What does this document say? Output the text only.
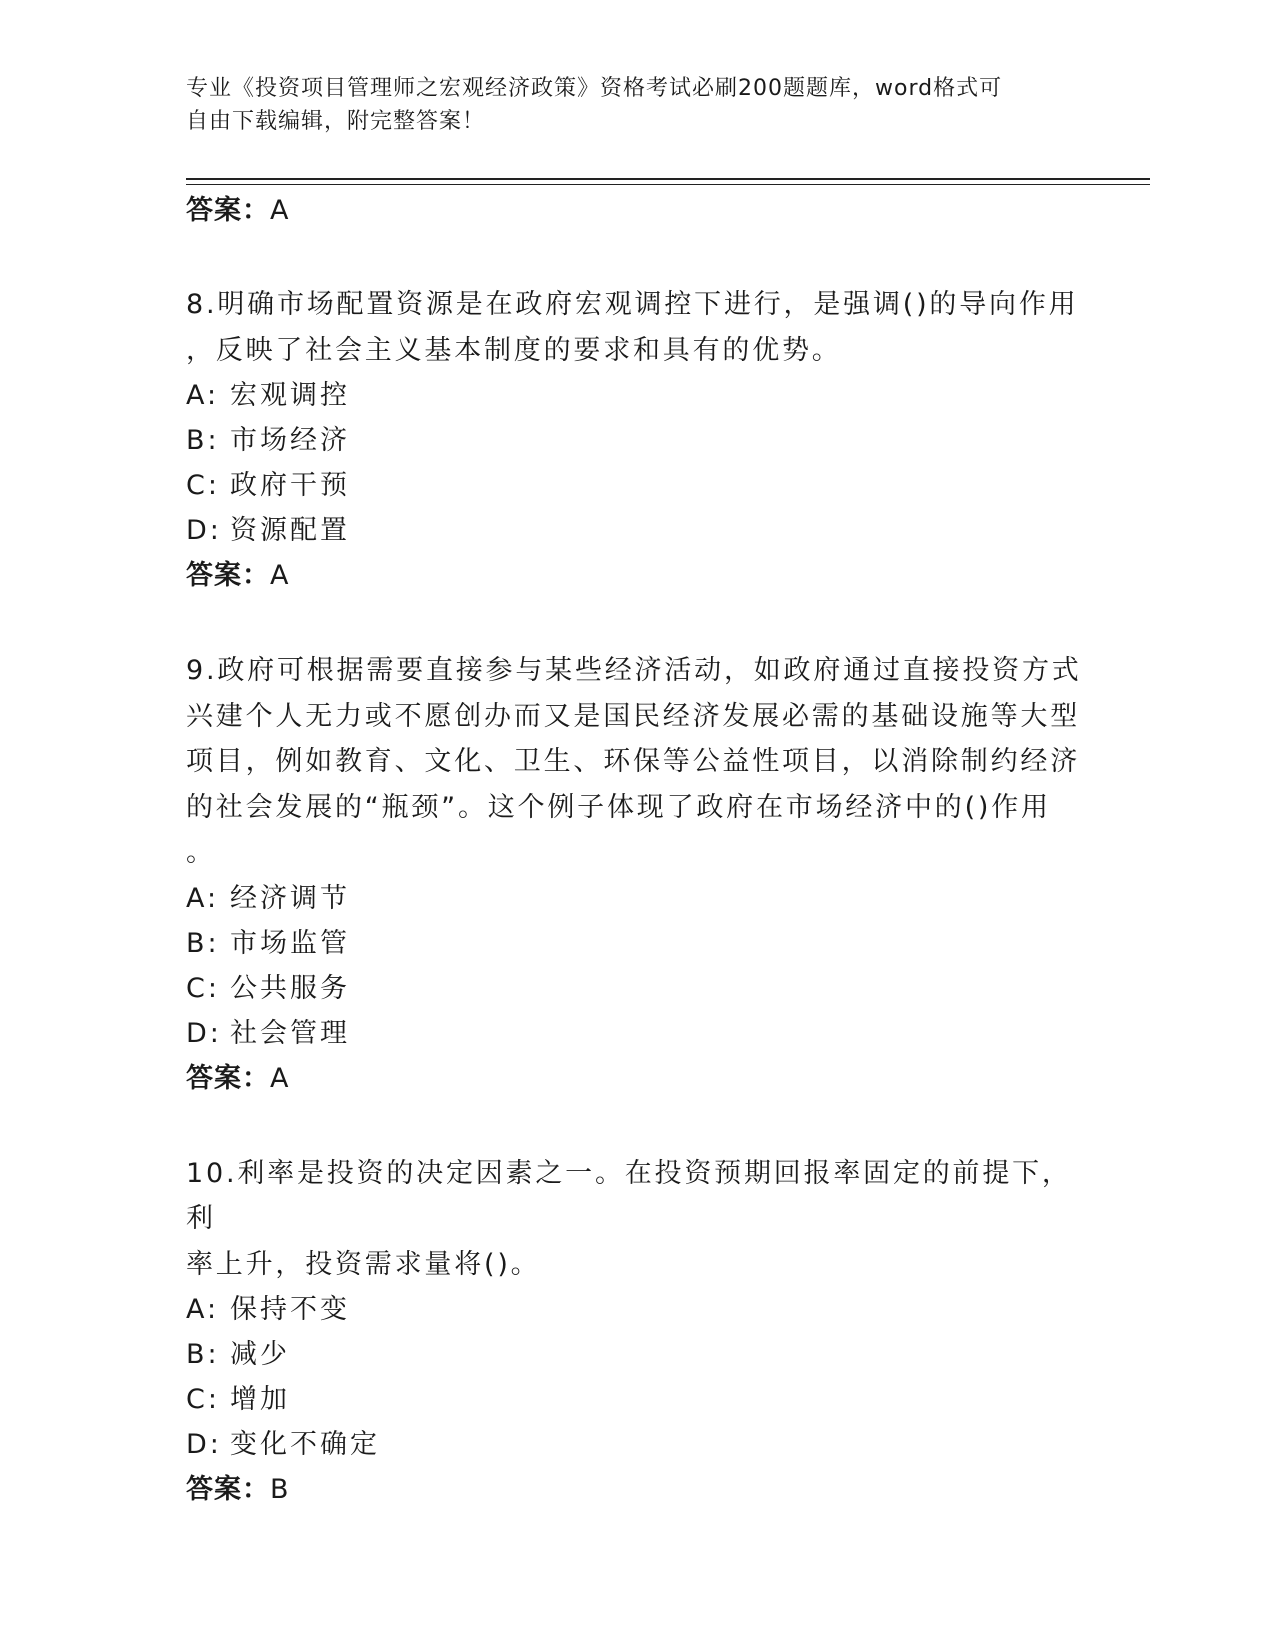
专业《投资项目管理师之宏观经济政策》资格考试必刷200题题库，word格式可
自由下载编辑，附完整答案！
答案：A
8.明确市场配置资源是在政府宏观调控下进行，是强调()的导向作用
，反映了社会主义基本制度的要求和具有的优势。
A: 宏观调控
B: 市场经济
C: 政府干预
D: 资源配置
答案：A
9.政府可根据需要直接参与某些经济活动，如政府通过直接投资方式
兴建个人无力或不愿创办而又是国民经济发展必需的基础设施等大型
项目，例如教育、文化、卫生、环保等公益性项目，以消除制约经济
的社会发展的“瓶颈”。这个例子体现了政府在市场经济中的()作用
。
A: 经济调节
B: 市场监管
C: 公共服务
D: 社会管理
答案：A
10.利率是投资的决定因素之一。在投资预期回报率固定的前提下，利
率上升，投资需求量将()。
A: 保持不变
B: 减少
C: 增加
D: 变化不确定
答案：B
